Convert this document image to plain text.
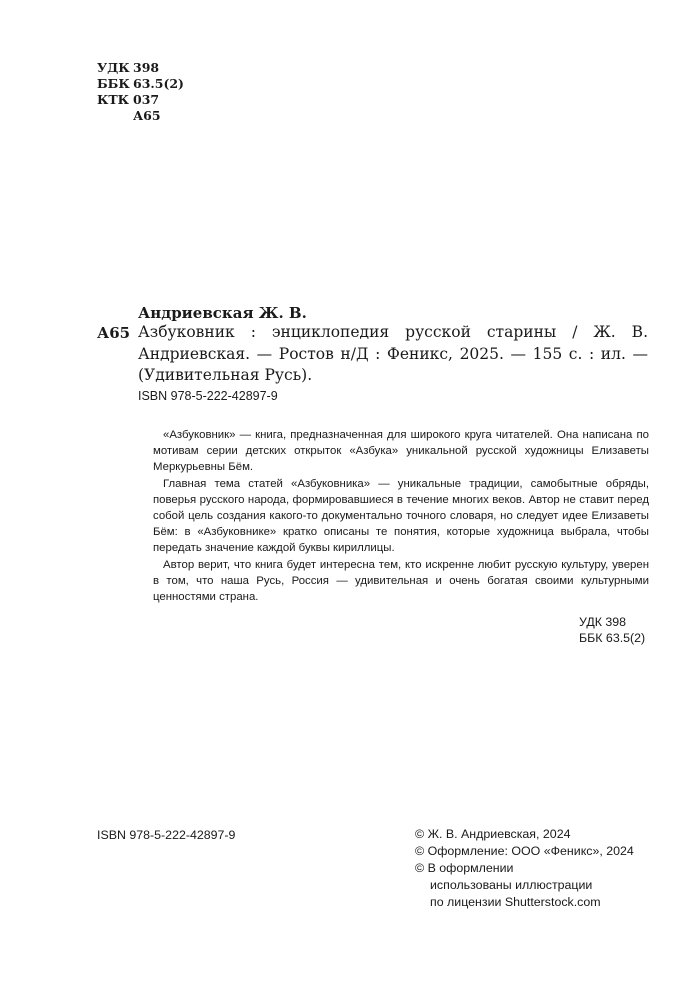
УДК 398
ББК 63.5(2)
КТК 037
А65
Андриевская Ж. В.
А65 Азбуковник : энциклопедия русской старины / Ж. В. Андриевская. — Ростов н/Д : Феникс, 2025. — 155 с. : ил. — (Удивительная Русь).
ISBN 978-5-222-42897-9

«Азбуковник» — книга, предназначенная для широкого круга читателей. Она написана по мотивам серии детских открыток «Азбука» уникальной русской художницы Елизаветы Меркурьевны Бём.

Главная тема статей «Азбуковника» — уникальные традиции, самобытные обряды, поверья русского народа, формировавшиеся в течение многих веков. Автор не ставит перед собой цель создания какого-то документально точного словаря, но следует идее Елизаветы Бём: в «Азбуковнике» кратко описаны те понятия, которые художница выбрала, чтобы передать значение каждой буквы кириллицы.

Автор верит, что книга будет интересна тем, кто искренне любит русскую культуру, уверен в том, что наша Русь, Россия — удивительная и очень богатая своими культурными ценностями страна.

УДК 398
ББК 63.5(2)
ISBN 978-5-222-42897-9	© Ж. В. Андриевская, 2024
© Оформление: ООО «Феникс», 2024
© В оформлении
использованы иллюстрации
по лицензии Shutterstock.com
